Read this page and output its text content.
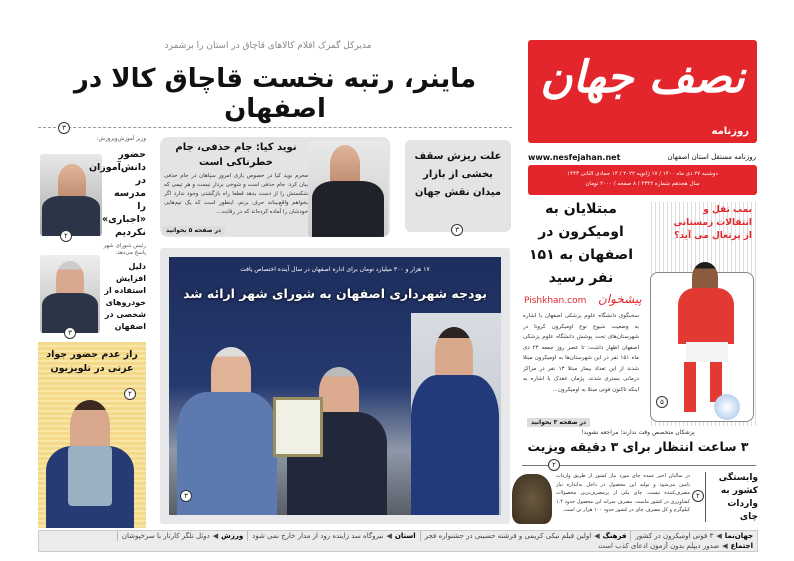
نصف جهان
روزنامه
www.nesfejahan.net	روزنامه مستقل استان اصفهان
دوشنبه ۲۷ دی ماه ۱۴۰۰ / ۱۷ ژانویه ۲۰۲۲ / ۱۴ جمادی الثانی ۱۴۴۳
سال هجدهم شماره ۴۳۴۲ / ۸ صفحه / ۲۰۰۰ تومان
مدیرکل گمرک اقلام کالاهای قاچاق در استان را برشمرد
ماینر، رتبه نخست قاچاق کالا در اصفهان
۳
وزیر آموزش‌وپرورش:
حضور دانش‌آموزان در مدرسه را «اجباری» نکردیم
۲
رئیس شورای شهر پاسخ می‌دهد:
دلیل افزایش استفاده از خودروهای شخصی در اصفهان
۳
راز عدم حضور جواد عزتی در تلویزیون
۲
نوید کیا: جام حذفی، جام خطرناکی است
محرم نوید کیا در خصوص بازی امروز سپاهان در جام حذفی بیان کرد: جام حذفی است و شوخی بردار نیست و هر تیمی که شکستش را از دست بدهد قطعا راه بازگشتی وجود ندارد اگر بخواهم واقع‌بینانه حرف بزنم، اینطور است که یک تیم‌هایی خودشان را آماده کرده‌اند که در رقابت...
در صفحه ۵ بخوانید
علت ریزش سقف بخشی از بازار میدان نقش جهان
۳
۱۷ هزار و ۳۰۰ میلیارد تومان برای اداره اصفهان در سال آینده اختصاص یافت
بودجه شهرداری اصفهان به شورای شهر ارائه شد
۳
مبتلایان به اومیکرون در اصفهان به ۱۵۱ نفر رسید
پیشخوان
Pishkhan.com
سخنگوی دانشگاه علوم پزشکی اصفهان با اشاره به وضعیت شیوع نوع اومیکرون کرونا در شهرستان‌های تحت پوشش دانشگاه علوم پزشکی اصفهان اظهار داشت: تا عصر روز جمعه ۲۴ دی ماه ۱۵۱ نفر در این شهرستان‌ها به اومیکرون مبتلا شدند از این تعداد بیمار مبتلا ۱۳ نفر در مراکز درمانی بستری شدند. پژمان عقدک با اشاره به اینکه تاکنون فوتی مبتلا به اومیکرون...
در صفحه ۳ بخوانید
بمب نقل و انتقالات زمستانی از پرتغال می آید؟
۵
پزشکان متخصص وقت ندارند؛ مراجعه نشوید!
۳ ساعت انتظار برای ۳ دقیقه ویزیت
۲
وابستگی کشور به واردات چای
۲
در سالیان اخیر عمده چای مورد نیاز کشور از طریق واردات تامین می‌شود و تولید این محصول در داخل به‌اندازه نیاز مصرف‌کننده نیست. چای یکی از پرمصرف‌ترین محصولات کشاورزی در کشور ماست. مصرف سرانه این محصول حدود ۱.۴ کیلوگرم و کل مصرف چای در کشور حدود ۱۰۰ هزار تن است.
جهان‌نما
◀
۳ فوتی اومیکرون در کشور
فرهنگ
◀
اولین فیلم نیکی کریمی و فرشته حسینی در جشنواره فجر
استان
◀
نیروگاه سد زاینده رود از مدار خارج نمی شود
ورزش
◀
دوئل تلگر کارتار با سرخپوشان
اجتماع
◀
صدور دیپلم بدون آزمون ادعای کذب است
